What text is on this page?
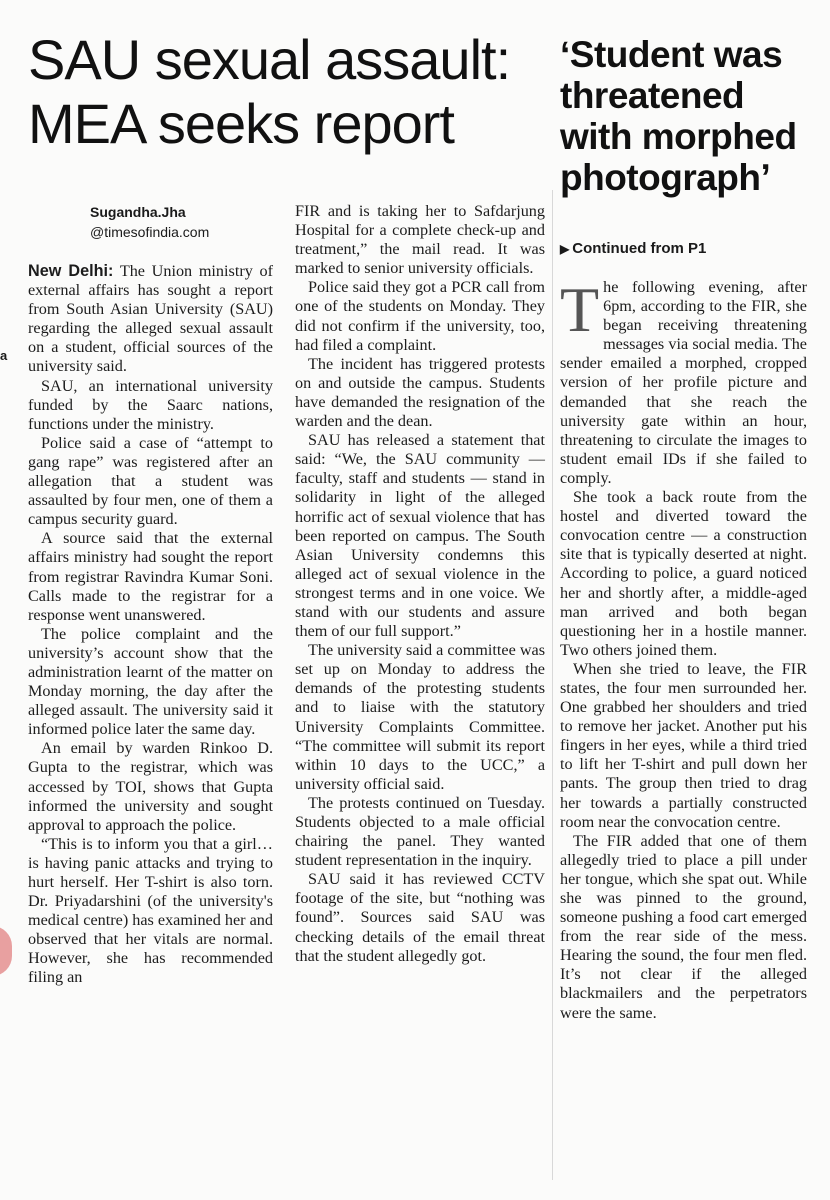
a
SAU sexual assault:
MEA seeks report
‘Student was
threatened
with morphed
photograph’
Sugandha.Jha
@timesofindia.com
▶ Continued from P1

New Delhi: The Union ministry of external affairs has sought a report from South Asian University (SAU) regarding the alleged sexual assault on a student, official sources of the university said.

SAU, an international university funded by the Saarc nations, functions under the ministry.

Police said a case of “attempt to gang rape” was registered after an allegation that a student was assaulted by four men, one of them a campus security guard.

A source said that the external affairs ministry had sought the report from registrar Ravindra Kumar Soni. Calls made to the registrar for a response went unanswered.

The police complaint and the university’s account show that the administration learnt of the matter on Monday morning, the day after the alleged assault. The university said it informed police later the same day.

An email by warden Rinkoo D. Gupta to the registrar, which was accessed by TOI, shows that Gupta informed the university and sought approval to approach the police.

“This is to inform you that a girl… is having panic attacks and trying to hurt herself. Her T-shirt is also torn. Dr. Priyadarshini (of the university's medical centre) has examined her and observed that her vitals are normal. However, she has recommended filing an

FIR and is taking her to Safdarjung Hospital for a complete check-up and treatment,” the mail read. It was marked to senior university officials.

Police said they got a PCR call from one of the students on Monday. They did not confirm if the university, too, had filed a complaint.

The incident has triggered protests on and outside the campus. Students have demanded the resignation of the warden and the dean.

SAU has released a statement that said: “We, the SAU community — faculty, staff and students — stand in solidarity in light of the alleged horrific act of sexual violence that has been reported on campus. The South Asian University condemns this alleged act of sexual violence in the strongest terms and in one voice. We stand with our students and assure them of our full support.”

The university said a committee was set up on Monday to address the demands of the protesting students and to liaise with the statutory University Complaints Committee. “The committee will submit its report within 10 days to the UCC,” a university official said.

The protests continued on Tuesday. Students objected to a male official chairing the panel. They wanted student representation in the inquiry.

SAU said it has reviewed CCTV footage of the site, but “nothing was found”. Sources said SAU was checking details of the email threat that the student allegedly got.

The following evening, after 6pm, according to the FIR, she began receiving threatening messages via social media. The sender emailed a morphed, cropped version of her profile picture and demanded that she reach the university gate within an hour, threatening to circulate the images to student email IDs if she failed to comply.

She took a back route from the hostel and diverted toward the convocation centre — a construction site that is typically deserted at night. According to police, a guard noticed her and shortly after, a middle-aged man arrived and both began questioning her in a hostile manner. Two others joined them.

When she tried to leave, the FIR states, the four men surrounded her. One grabbed her shoulders and tried to remove her jacket. Another put his fingers in her eyes, while a third tried to lift her T-shirt and pull down her pants. The group then tried to drag her towards a partially constructed room near the convocation centre.

The FIR added that one of them allegedly tried to place a pill under her tongue, which she spat out. While she was pinned to the ground, someone pushing a food cart emerged from the rear side of the mess. Hearing the sound, the four men fled. It’s not clear if the alleged blackmailers and the perpetrators were the same.
